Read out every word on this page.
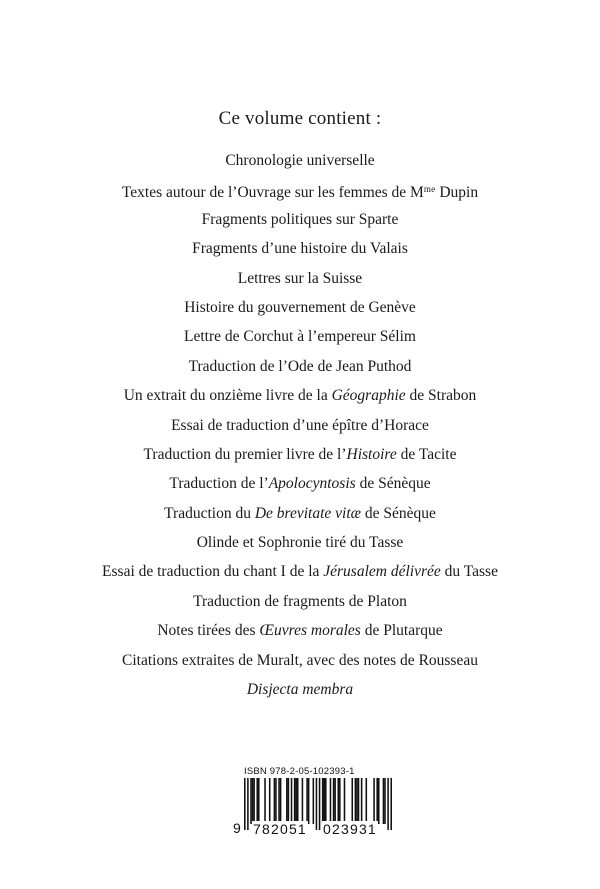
Ce volume contient :
Chronologie universelle
Textes autour de l’Ouvrage sur les femmes de $M^{me}$ Dupin
Fragments politiques sur Sparte
Fragments d’une histoire du Valais
Lettres sur la Suisse
Histoire du gouvernement de Genève
Lettre de Corchut à l’empereur Sélim
Traduction de l’Ode de Jean Puthod
Un extrait du onzième livre de la Géographie de Strabon
Essai de traduction d’une épître d’Horace
Traduction du premier livre de l’Histoire de Tacite
Traduction de l’Apolocyntosis de Sénèque
Traduction du De brevitate vitæ de Sénèque
Olinde et Sophronie tiré du Tasse
Essai de traduction du chant I de la Jérusalem délivrée du Tasse
Traduction de fragments de Platon
Notes tirées des Œuvres morales de Plutarque
Citations extraites de Muralt, avec des notes de Rousseau
Disjecta membra
ISBN 978-2-05-102393-1
9 782051 023931
